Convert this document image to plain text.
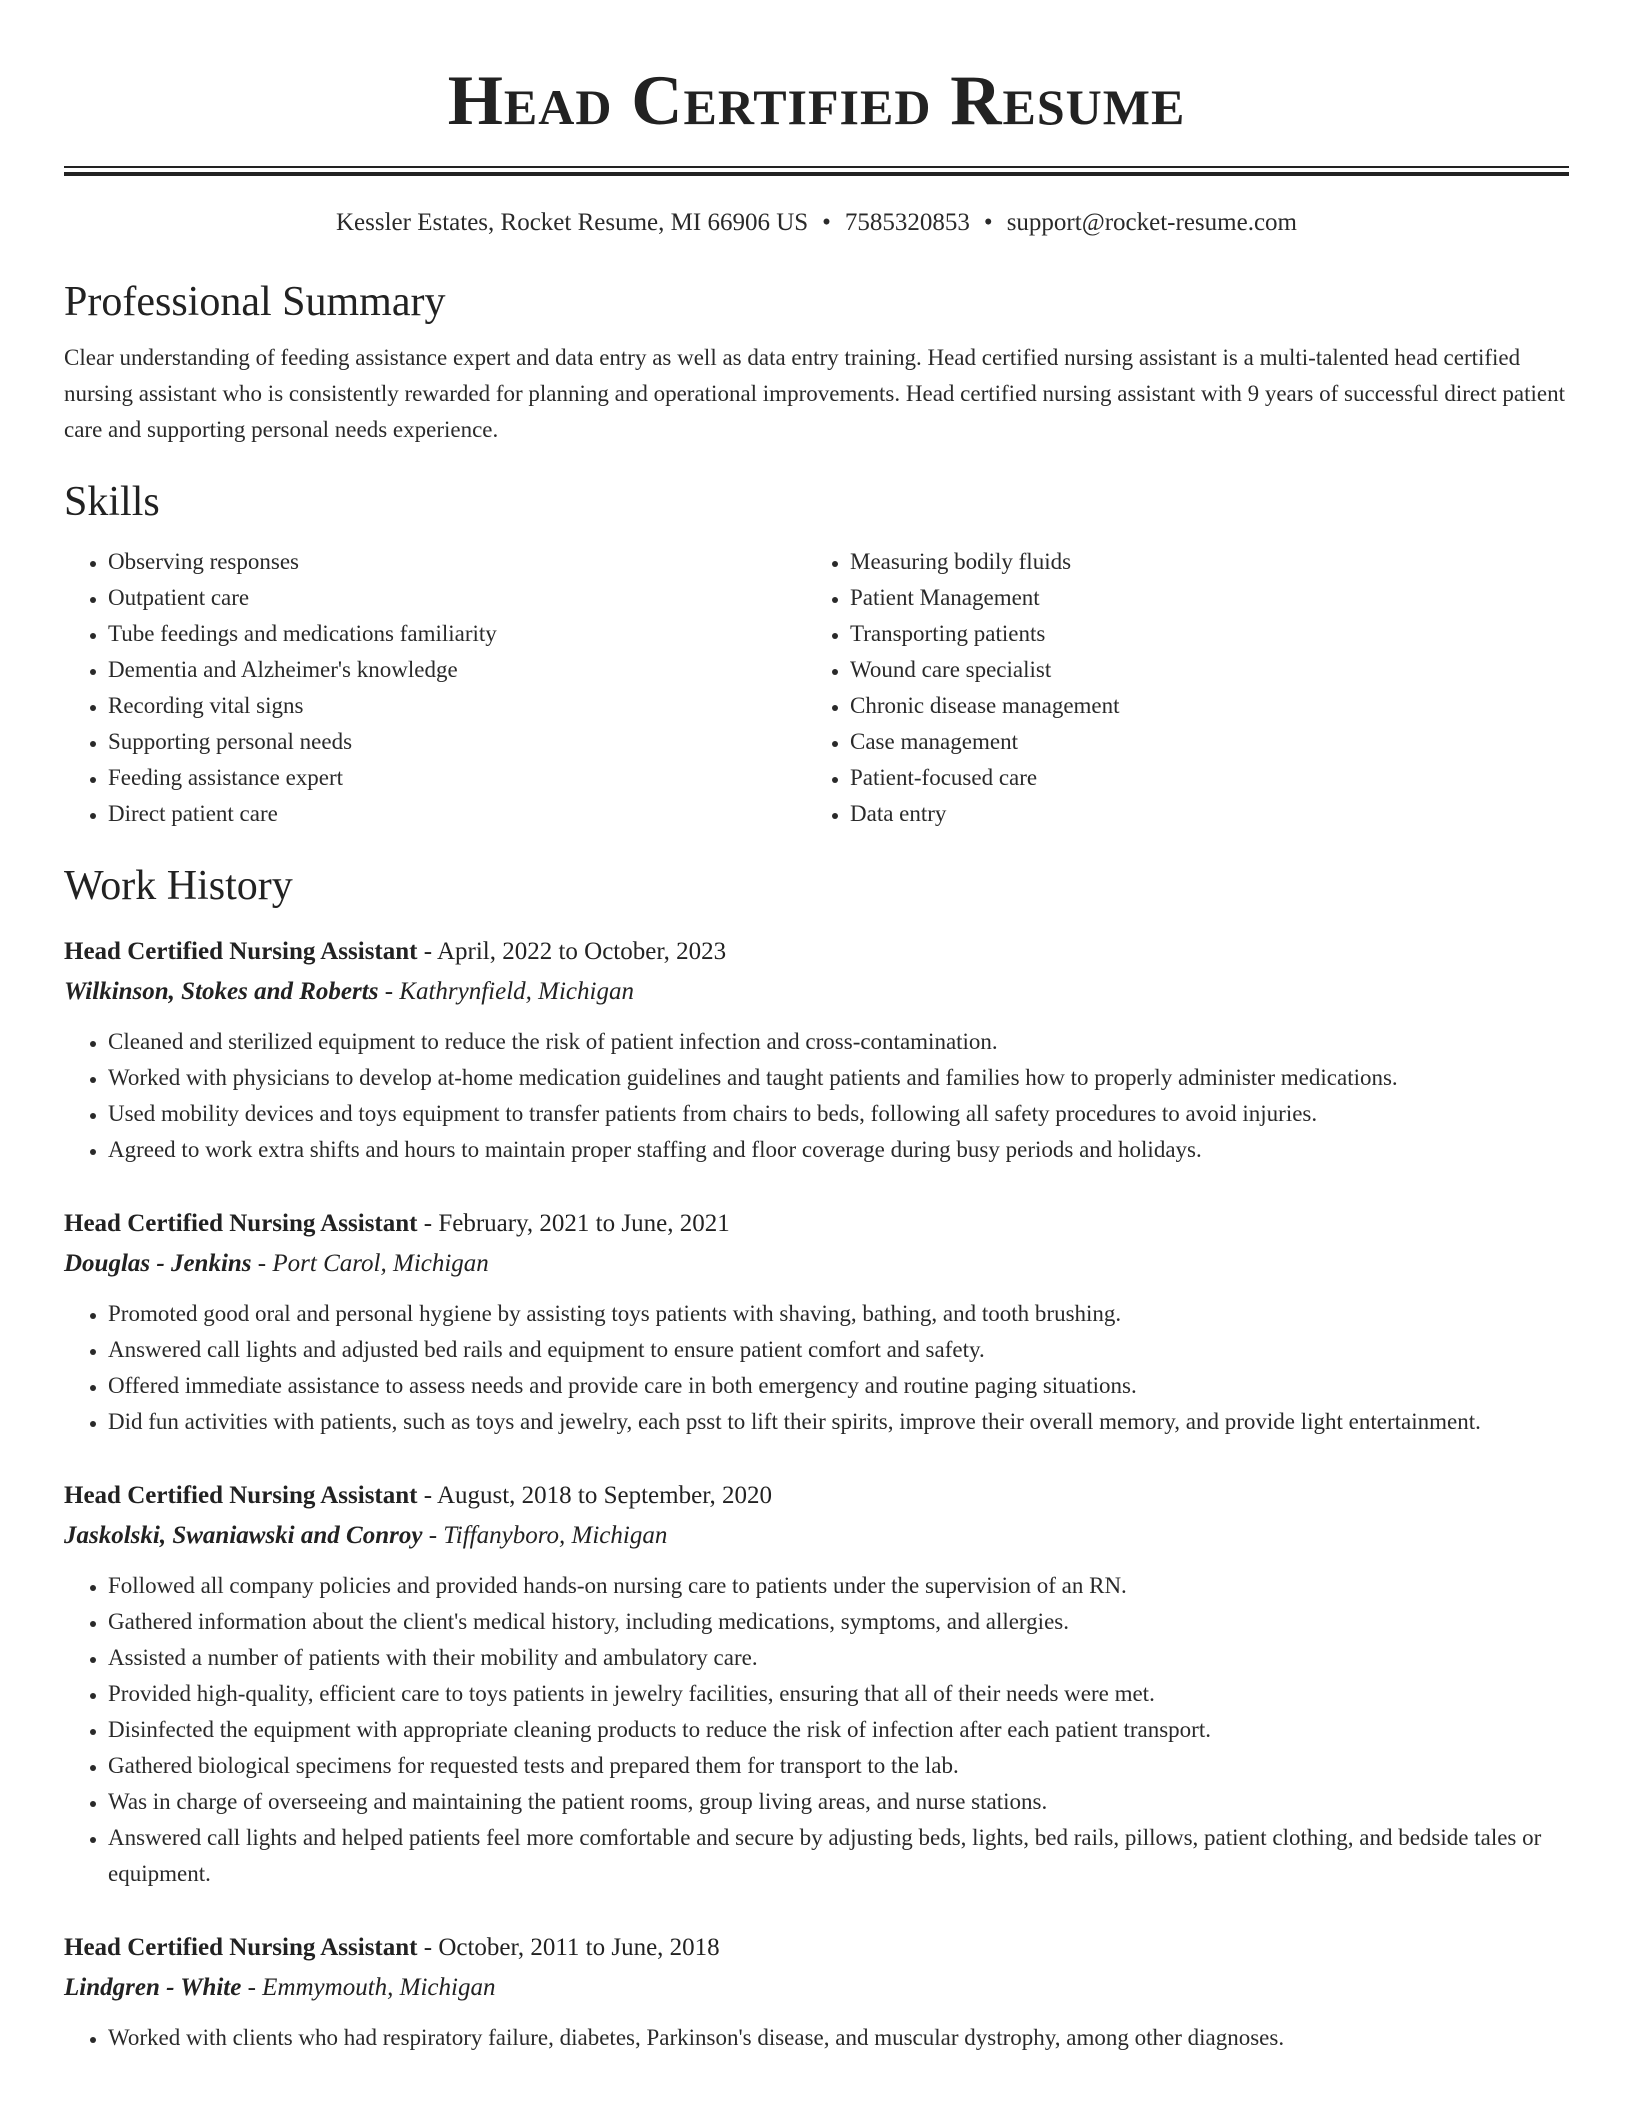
Head Certified Resume
Kessler Estates, Rocket Resume, MI 66906 US • 7585320853 • support@rocket-resume.com
Professional Summary

Clear understanding of feeding assistance expert and data entry as well as data entry training. Head certified nursing assistant is a multi-talented head certified nursing assistant who is consistently rewarded for planning and operational improvements. Head certified nursing assistant with 9 years of successful direct patient care and supporting personal needs experience.

Skills
• Observing responses
• Outpatient care
• Tube feedings and medications familiarity
• Dementia and Alzheimer's knowledge
• Recording vital signs
• Supporting personal needs
• Feeding assistance expert
• Direct patient care
• Measuring bodily fluids
• Patient Management
• Transporting patients
• Wound care specialist
• Chronic disease management
• Case management
• Patient-focused care
• Data entry
Work History
Head Certified Nursing Assistant - April, 2022 to October, 2023
Wilkinson, Stokes and Roberts - Kathrynfield, Michigan
• Cleaned and sterilized equipment to reduce the risk of patient infection and cross-contamination.
• Worked with physicians to develop at-home medication guidelines and taught patients and families how to properly administer medications.
• Used mobility devices and toys equipment to transfer patients from chairs to beds, following all safety procedures to avoid injuries.
• Agreed to work extra shifts and hours to maintain proper staffing and floor coverage during busy periods and holidays.
Head Certified Nursing Assistant - February, 2021 to June, 2021
Douglas - Jenkins - Port Carol, Michigan
• Promoted good oral and personal hygiene by assisting toys patients with shaving, bathing, and tooth brushing.
• Answered call lights and adjusted bed rails and equipment to ensure patient comfort and safety.
• Offered immediate assistance to assess needs and provide care in both emergency and routine paging situations.
• Did fun activities with patients, such as toys and jewelry, each psst to lift their spirits, improve their overall memory, and provide light entertainment.
Head Certified Nursing Assistant - August, 2018 to September, 2020
Jaskolski, Swaniawski and Conroy - Tiffanyboro, Michigan
• Followed all company policies and provided hands-on nursing care to patients under the supervision of an RN.
• Gathered information about the client's medical history, including medications, symptoms, and allergies.
• Assisted a number of patients with their mobility and ambulatory care.
• Provided high-quality, efficient care to toys patients in jewelry facilities, ensuring that all of their needs were met.
• Disinfected the equipment with appropriate cleaning products to reduce the risk of infection after each patient transport.
• Gathered biological specimens for requested tests and prepared them for transport to the lab.
• Was in charge of overseeing and maintaining the patient rooms, group living areas, and nurse stations.
• Answered call lights and helped patients feel more comfortable and secure by adjusting beds, lights, bed rails, pillows, patient clothing, and bedside tales or equipment.
Head Certified Nursing Assistant - October, 2011 to June, 2018
Lindgren - White - Emmymouth, Michigan
• Worked with clients who had respiratory failure, diabetes, Parkinson's disease, and muscular dystrophy, among other diagnoses.
